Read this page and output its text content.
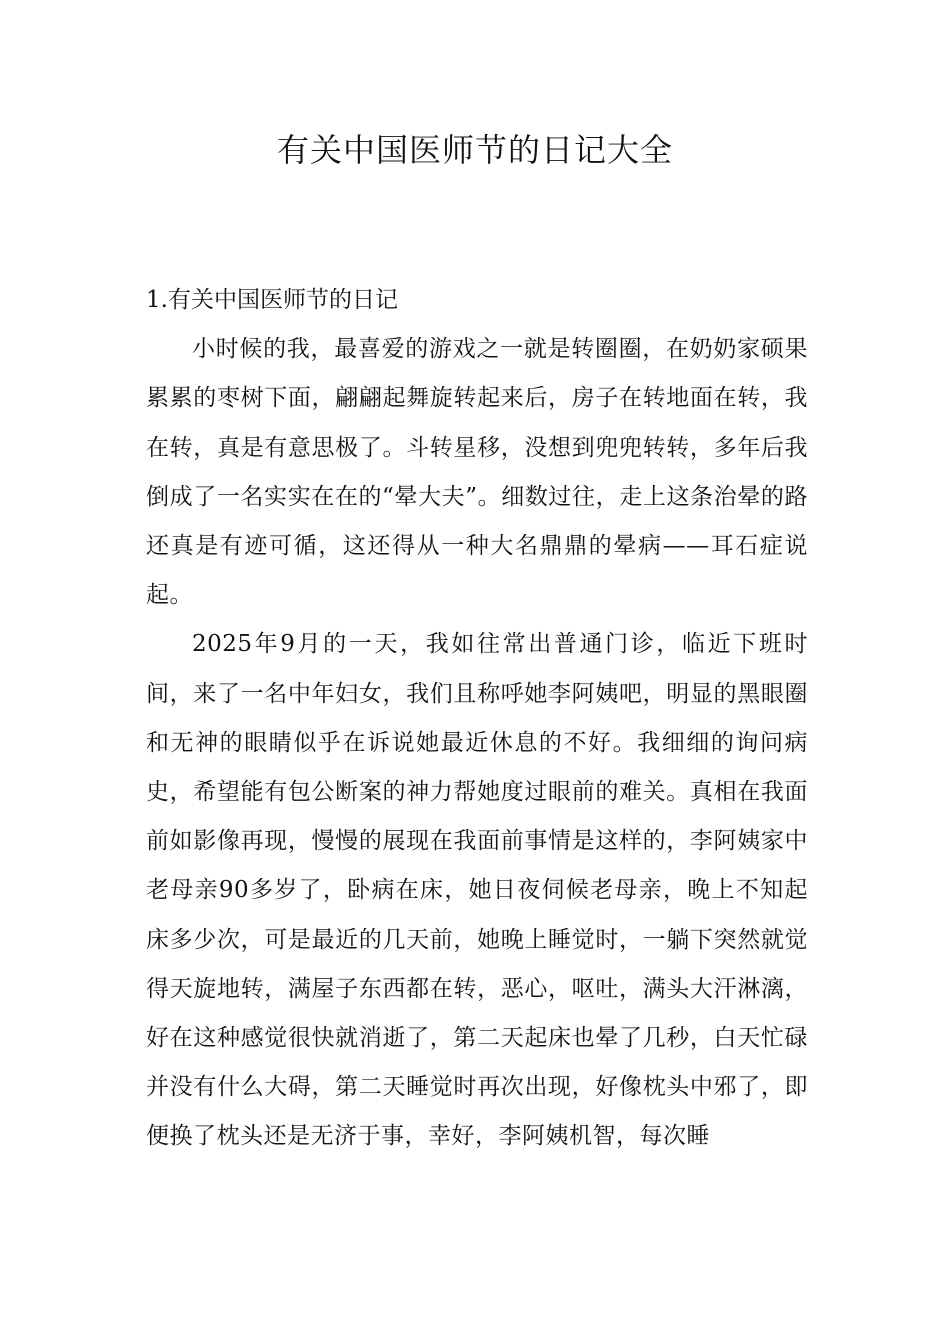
有关中国医师节的日记大全
1.有关中国医师节的日记

小时候的我，最喜爱的游戏之一就是转圈圈，在奶奶家硕果累累的枣树下面，翩翩起舞旋转起来后，房子在转地面在转，我在转，真是有意思极了。斗转星移，没想到兜兜转转，多年后我倒成了一名实实在在的“晕大夫”。细数过往，走上这条治晕的路还真是有迹可循，这还得从一种大名鼎鼎的晕病——耳石症说起。

2025年9月的一天，我如往常出普通门诊，临近下班时间，来了一名中年妇女，我们且称呼她李阿姨吧，明显的黑眼圈和无神的眼睛似乎在诉说她最近休息的不好。我细细的询问病史，希望能有包公断案的神力帮她度过眼前的难关。真相在我面前如影像再现，慢慢的展现在我面前事情是这样的，李阿姨家中老母亲90多岁了，卧病在床，她日夜伺候老母亲，晚上不知起床多少次，可是最近的几天前，她晚上睡觉时，一躺下突然就觉得天旋地转，满屋子东西都在转，恶心，呕吐，满头大汗淋漓，好在这种感觉很快就消逝了，第二天起床也晕了几秒，白天忙碌并没有什么大碍，第二天睡觉时再次出现，好像枕头中邪了，即便换了枕头还是无济于事，幸好，李阿姨机智，每次睡
